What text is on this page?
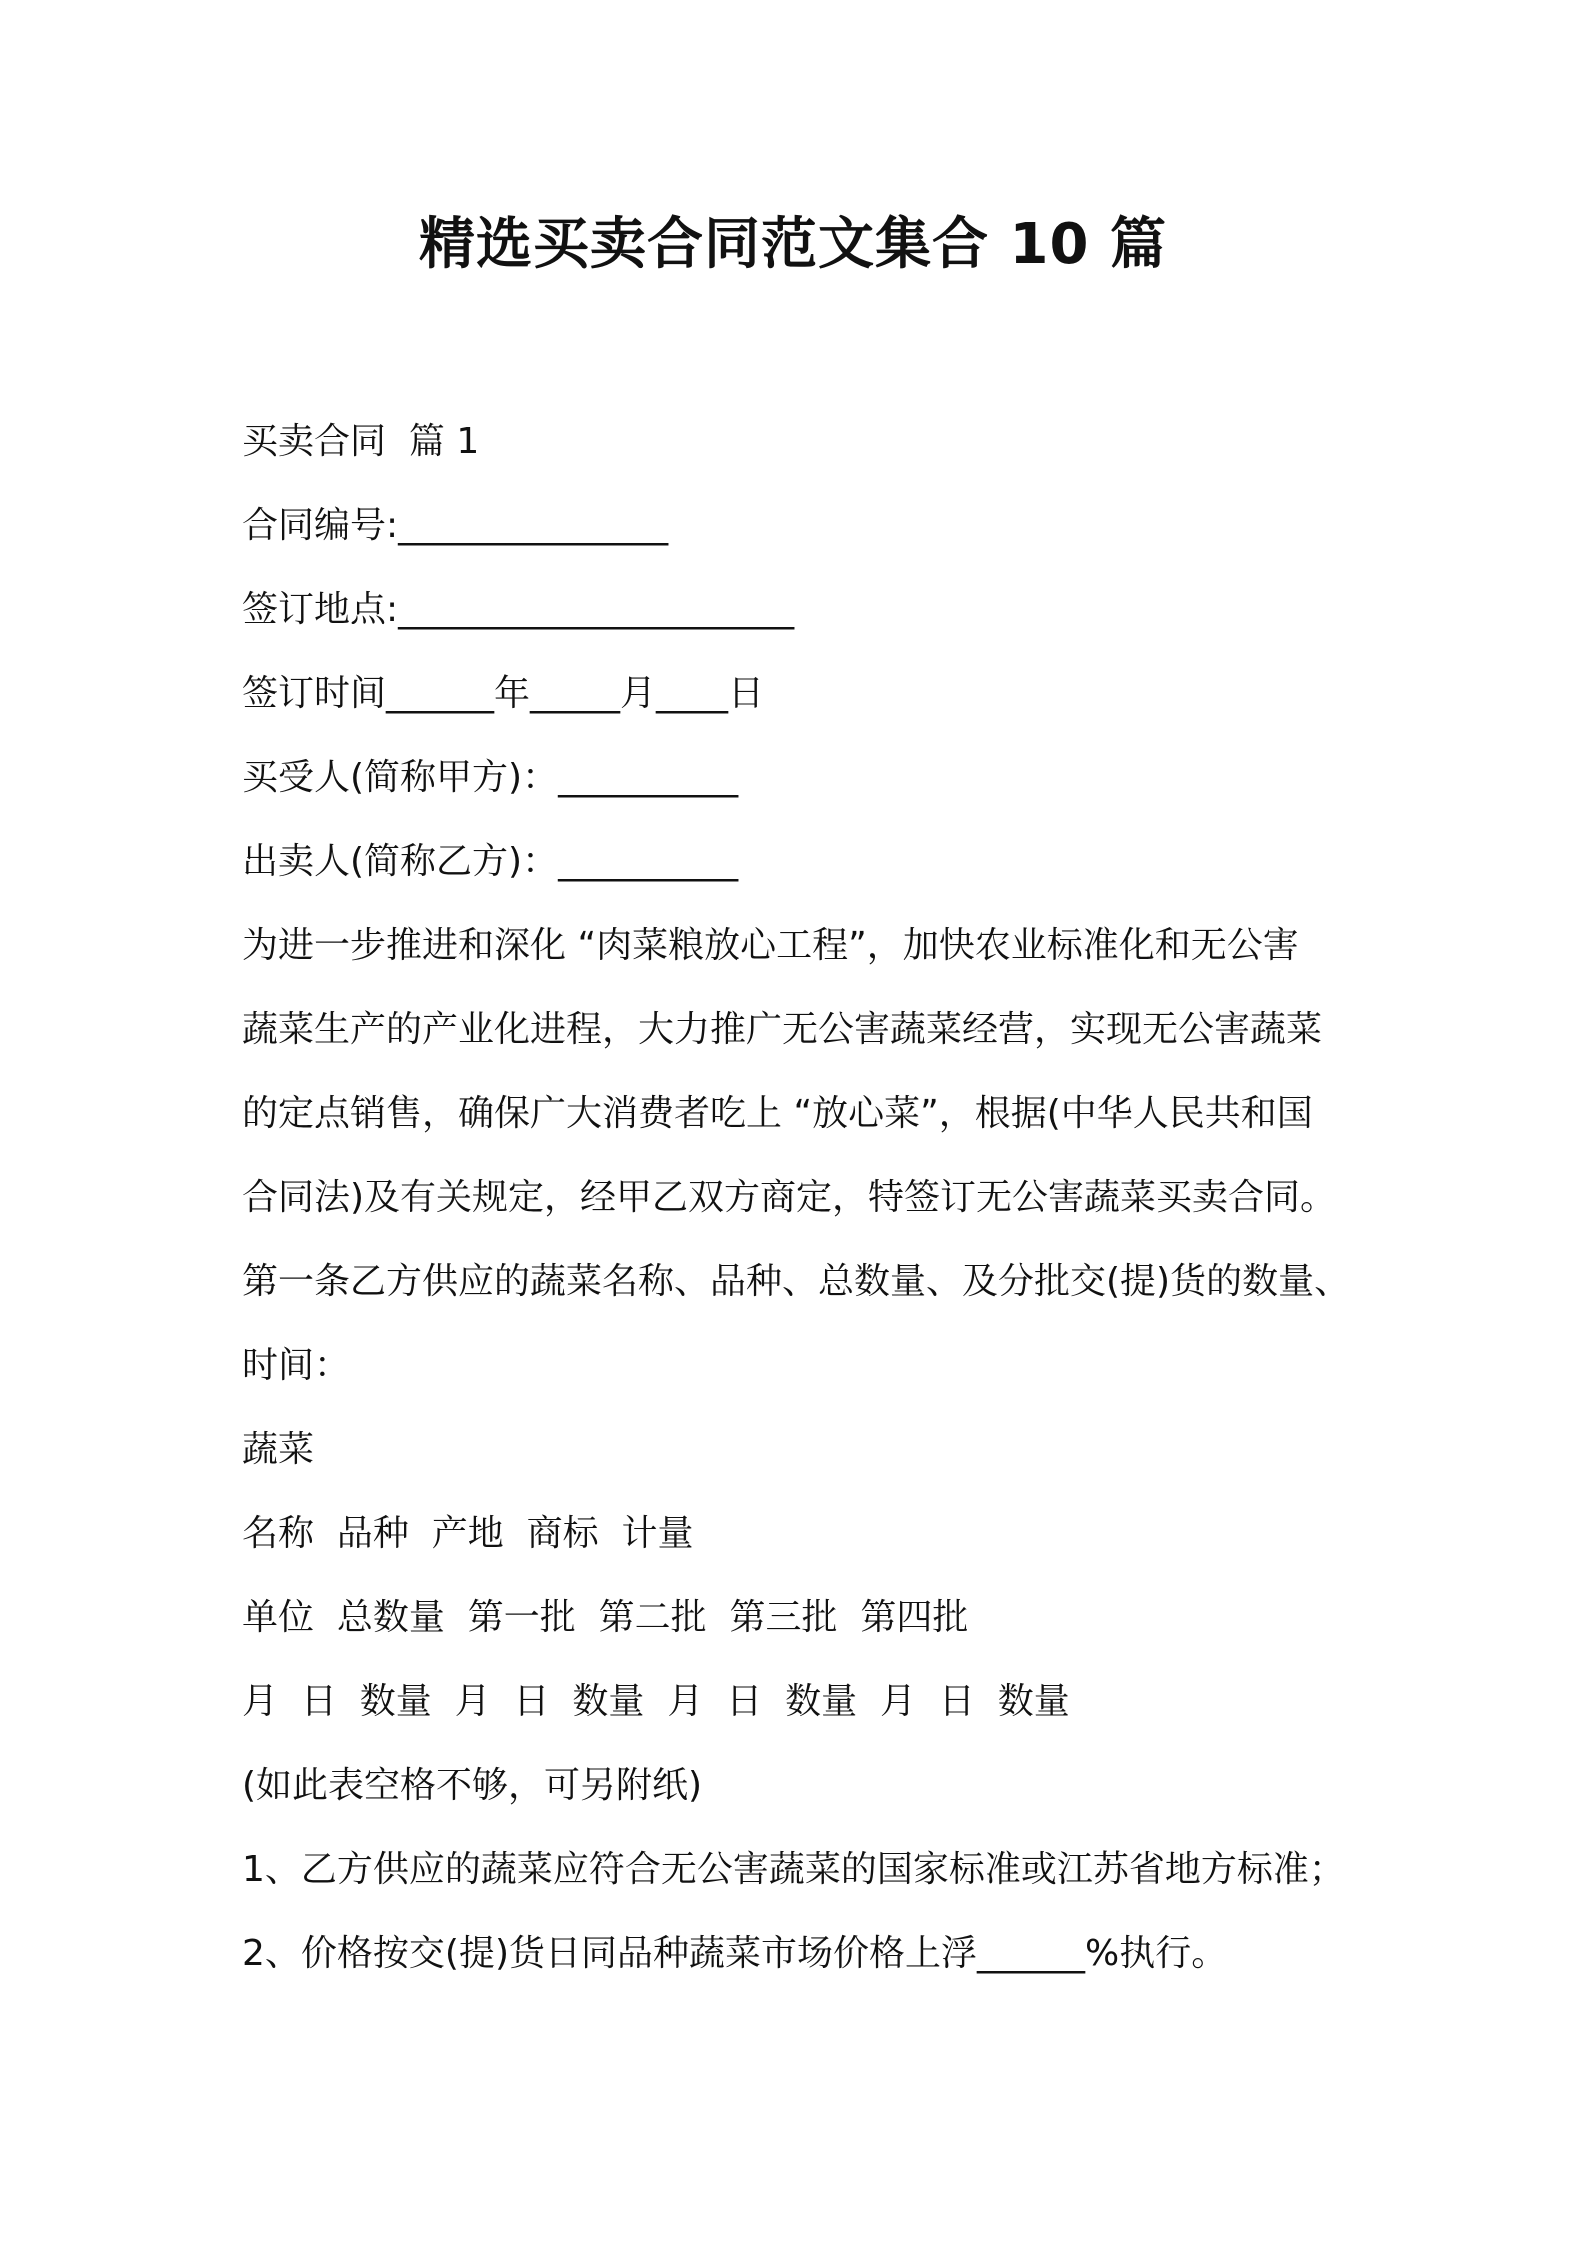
精选买卖合同范文集合 10 篇
买卖合同  篇 1
合同编号:_______________
签订地点:______________________
签订时间______年_____月____日
买受人(简称甲方)：__________
出卖人(简称乙方)：__________
为进一步推进和深化 “肉菜粮放心工程”，加快农业标准化和无公害
蔬菜生产的产业化进程，大力推广无公害蔬菜经营，实现无公害蔬菜
的定点销售，确保广大消费者吃上 “放心菜”，根据(中华人民共和国
合同法)及有关规定，经甲乙双方商定，特签订无公害蔬菜买卖合同。
第一条乙方供应的蔬菜名称、品种、总数量、及分批交(提)货的数量、
时间：
蔬菜
名称  品种  产地  商标  计量
单位  总数量  第一批  第二批  第三批  第四批
月  日  数量  月  日  数量  月  日  数量  月  日  数量
(如此表空格不够，可另附纸)
1、乙方供应的蔬菜应符合无公害蔬菜的国家标准或江苏省地方标准；
2、价格按交(提)货日同品种蔬菜市场价格上浮______%执行。
